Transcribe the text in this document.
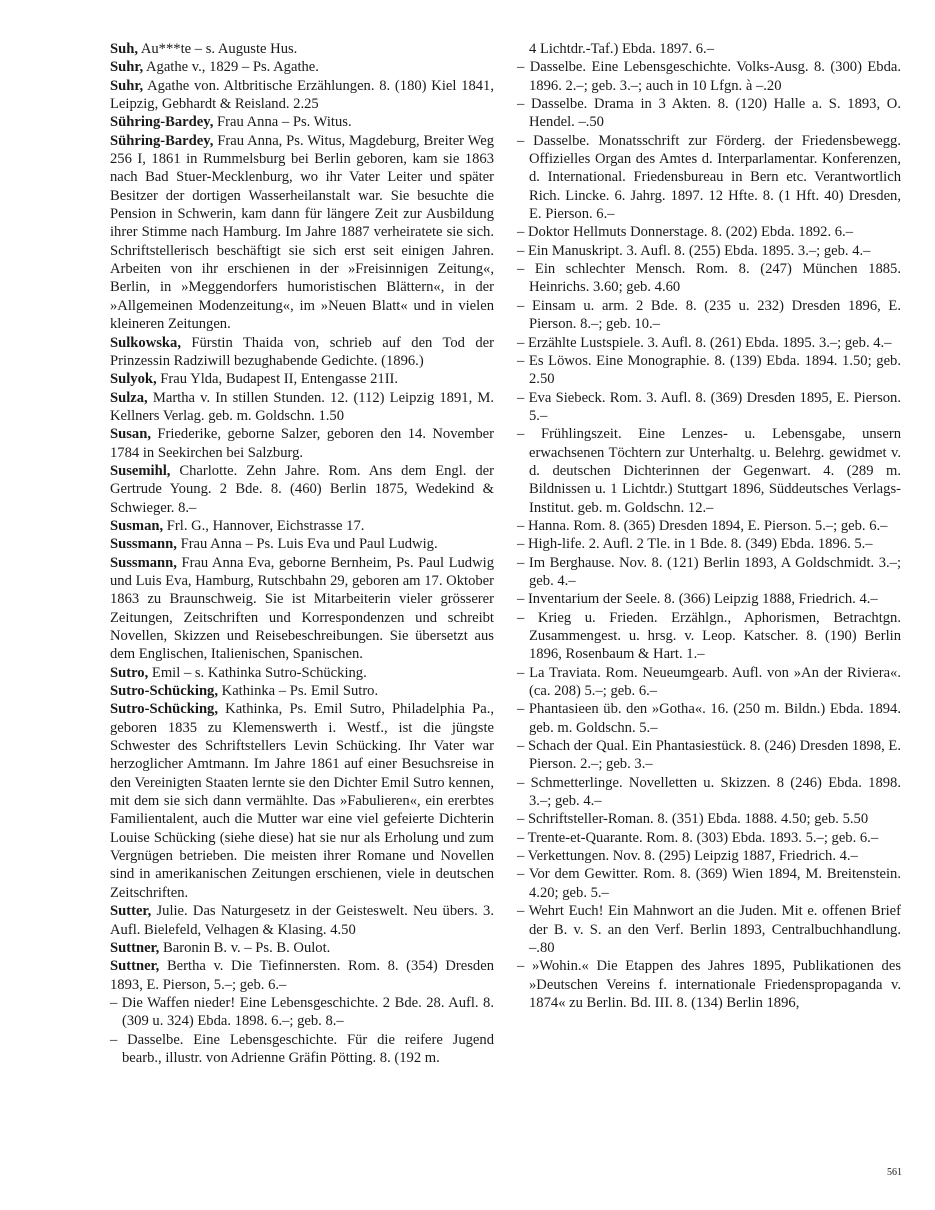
Suh, Au***te – s. Auguste Hus.

Suhr, Agathe v., 1829 – Ps. Agathe.

Suhr, Agathe von. Altbritische Erzählungen. 8. (180) Kiel 1841, Leipzig, Gebhardt & Reisland. 2.25

Sühring-Bardey, Frau Anna – Ps. Witus.

Sühring-Bardey, Frau Anna, Ps. Witus, Magdeburg, Breiter Weg 256 I, 1861 in Rummelsburg bei Berlin geboren, kam sie 1863 nach Bad Stuer-Mecklenburg, wo ihr Vater Leiter und später Besitzer der dortigen Wasserheilanstalt war. Sie besuchte die Pension in Schwerin, kam dann für längere Zeit zur Ausbildung ihrer Stimme nach Hamburg. Im Jahre 1887 verheiratete sie sich. Schriftstellerisch beschäftigt sie sich erst seit einigen Jahren. Arbeiten von ihr erschienen in der »Freisinnigen Zeitung«, Berlin, in »Meggendorfers humoristischen Blättern«, in der »Allgemeinen Modenzeitung«, im »Neuen Blatt« und in vielen kleineren Zeitungen.

Sulkowska, Fürstin Thaida von, schrieb auf den Tod der Prinzessin Radziwill bezughabende Gedichte. (1896.)

Sulyok, Frau Ylda, Budapest II, Entengasse 21II.

Sulza, Martha v. In stillen Stunden. 12. (112) Leipzig 1891, M. Kellners Verlag. geb. m. Goldschn. 1.50

Susan, Friederike, geborne Salzer, geboren den 14. November 1784 in Seekirchen bei Salzburg.

Susemihl, Charlotte. Zehn Jahre. Rom. Ans dem Engl. der Gertrude Young. 2 Bde. 8. (460) Berlin 1875, Wedekind & Schwieger. 8.–

Susman, Frl. G., Hannover, Eichstrasse 17.

Sussmann, Frau Anna – Ps. Luis Eva und Paul Ludwig.

Sussmann, Frau Anna Eva, geborne Bernheim, Ps. Paul Ludwig und Luis Eva, Hamburg, Rutschbahn 29, geboren am 17. Oktober 1863 zu Braunschweig. Sie ist Mitarbeiterin vieler grösserer Zeitungen, Zeitschriften und Korrespondenzen und schreibt Novellen, Skizzen und Reisebeschreibungen. Sie übersetzt aus dem Englischen, Italienischen, Spanischen.

Sutro, Emil – s. Kathinka Sutro-Schücking.

Sutro-Schücking, Kathinka – Ps. Emil Sutro.

Sutro-Schücking, Kathinka, Ps. Emil Sutro, Philadelphia Pa., geboren 1835 zu Klemenswerth i. Westf., ist die jüngste Schwester des Schriftstellers Levin Schücking. Ihr Vater war herzoglicher Amtmann. Im Jahre 1861 auf einer Besuchsreise in den Vereinigten Staaten lernte sie den Dichter Emil Sutro kennen, mit dem sie sich dann vermählte. Das »Fabulieren«, ein ererbtes Familientalent, auch die Mutter war eine viel gefeierte Dichterin Louise Schücking (siehe diese) hat sie nur als Erholung und zum Vergnügen betrieben. Die meisten ihrer Romane und Novellen sind in amerikanischen Zeitungen erschienen, viele in deutschen Zeitschriften.

Sutter, Julie. Das Naturgesetz in der Geisteswelt. Neu übers. 3. Aufl. Bielefeld, Velhagen & Klasing. 4.50

Suttner, Baronin B. v. – Ps. B. Oulot.

Suttner, Bertha v. Die Tiefinnersten. Rom. 8. (354) Dresden 1893, E. Pierson, 5.–; geb. 6.–

– Die Waffen nieder! Eine Lebensgeschichte. 2 Bde. 28. Aufl. 8. (309 u. 324) Ebda. 1898. 6.–; geb. 8.–

– Dasselbe. Eine Lebensgeschichte. Für die reifere Jugend bearb., illustr. von Adrienne Gräfin Pötting. 8. (192 m.

4 Lichtdr.-Taf.) Ebda. 1897. 6.–

– Dasselbe. Eine Lebensgeschichte. Volks-Ausg. 8. (300) Ebda. 1896. 2.–; geb. 3.–; auch in 10 Lfgn. à –.20

– Dasselbe. Drama in 3 Akten. 8. (120) Halle a. S. 1893, O. Hendel. –.50

– Dasselbe. Monatsschrift zur Förderg. der Friedensbewegg. Offizielles Organ des Amtes d. Interparlamentar. Konferenzen, d. International. Friedensbureau in Bern etc. Verantwortlich Rich. Lincke. 6. Jahrg. 1897. 12 Hfte. 8. (1 Hft. 40) Dresden, E. Pierson. 6.–

– Doktor Hellmuts Donnerstage. 8. (202) Ebda. 1892. 6.–

– Ein Manuskript. 3. Aufl. 8. (255) Ebda. 1895. 3.–; geb. 4.–

– Ein schlechter Mensch. Rom. 8. (247) München 1885. Heinrichs. 3.60; geb. 4.60

– Einsam u. arm. 2 Bde. 8. (235 u. 232) Dresden 1896, E. Pierson. 8.–; geb. 10.–

– Erzählte Lustspiele. 3. Aufl. 8. (261) Ebda. 1895. 3.–; geb. 4.–

– Es Löwos. Eine Monographie. 8. (139) Ebda. 1894. 1.50; geb. 2.50

– Eva Siebeck. Rom. 3. Aufl. 8. (369) Dresden 1895, E. Pierson. 5.–

– Frühlingszeit. Eine Lenzes- u. Lebensgabe, unsern erwachsenen Töchtern zur Unterhaltg. u. Belehrg. gewidmet v. d. deutschen Dichterinnen der Gegenwart. 4. (289 m. Bildnissen u. 1 Lichtdr.) Stuttgart 1896, Süddeutsches Verlags-Institut. geb. m. Goldschn. 12.–

– Hanna. Rom. 8. (365) Dresden 1894, E. Pierson. 5.–; geb. 6.–

– High-life. 2. Aufl. 2 Tle. in 1 Bde. 8. (349) Ebda. 1896. 5.–

– Im Berghause. Nov. 8. (121) Berlin 1893, A Goldschmidt. 3.–; geb. 4.–

– Inventarium der Seele. 8. (366) Leipzig 1888, Friedrich. 4.–

– Krieg u. Frieden. Erzählgn., Aphorismen, Betrachtgn. Zusammengest. u. hrsg. v. Leop. Katscher. 8. (190) Berlin 1896, Rosenbaum & Hart. 1.–

– La Traviata. Rom. Neueumgearb. Aufl. von »An der Riviera«. (ca. 208) 5.–; geb. 6.–

– Phantasieen üb. den »Gotha«. 16. (250 m. Bildn.) Ebda. 1894. geb. m. Goldschn. 5.–

– Schach der Qual. Ein Phantasiestück. 8. (246) Dresden 1898, E. Pierson. 2.–; geb. 3.–

– Schmetterlinge. Novelletten u. Skizzen. 8 (246) Ebda. 1898. 3.–; geb. 4.–

– Schriftsteller-Roman. 8. (351) Ebda. 1888. 4.50; geb. 5.50

– Trente-et-Quarante. Rom. 8. (303) Ebda. 1893. 5.–; geb. 6.–

– Verkettungen. Nov. 8. (295) Leipzig 1887, Friedrich. 4.–

– Vor dem Gewitter. Rom. 8. (369) Wien 1894, M. Breitenstein. 4.20; geb. 5.–

– Wehrt Euch! Ein Mahnwort an die Juden. Mit e. offenen Brief der B. v. S. an den Verf. Berlin 1893, Centralbuchhandlung. –.80

– »Wohin.« Die Etappen des Jahres 1895, Publikationen des »Deutschen Vereins f. internationale Friedenspropaganda v. 1874« zu Berlin. Bd. III. 8. (134) Berlin 1896,

561
